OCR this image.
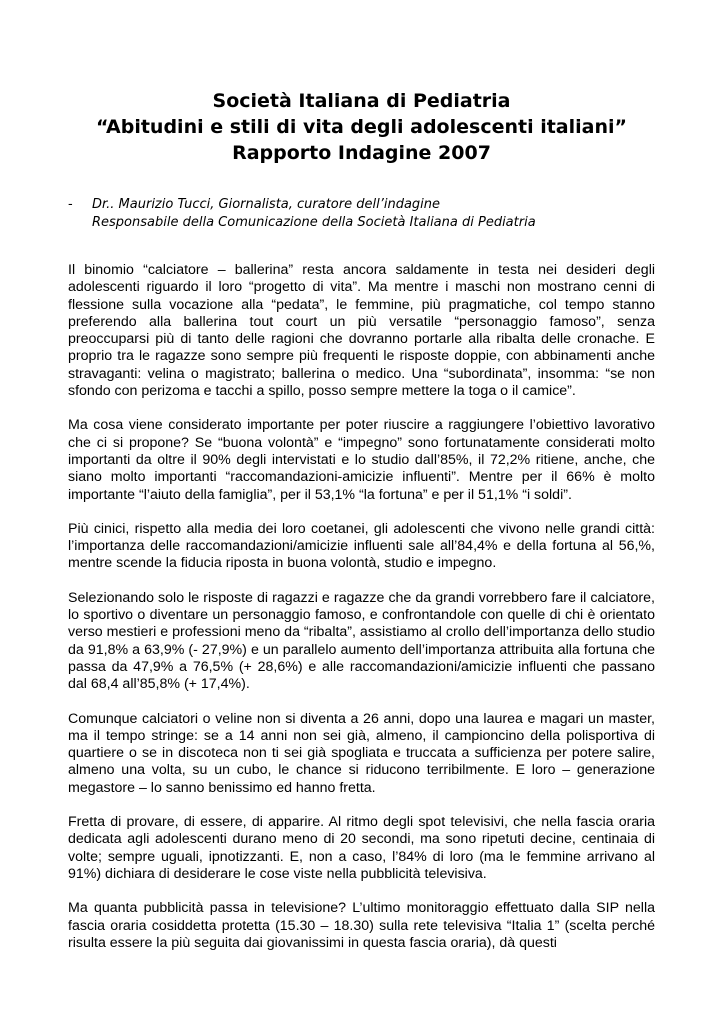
Società Italiana di Pediatria

“Abitudini e stili di vita degli adolescenti italiani”

Rapporto Indagine 2007

- Dr.. Maurizio Tucci, Giornalista, curatore dell’indagine
Responsabile della Comunicazione della Società Italiana di Pediatria

Il binomio “calciatore – ballerina” resta ancora saldamente in testa nei desideri degli adolescenti riguardo il loro “progetto di vita”. Ma mentre i maschi non mostrano cenni di flessione sulla vocazione alla “pedata”, le femmine, più pragmatiche, col tempo stanno preferendo alla ballerina tout court un più versatile “personaggio famoso”, senza preoccuparsi più di tanto delle ragioni che dovranno portarle alla ribalta delle cronache. E proprio tra le ragazze sono sempre più frequenti le risposte doppie, con abbinamenti anche stravaganti: velina o magistrato; ballerina o medico. Una “subordinata”, insomma: “se non sfondo con perizoma e tacchi a spillo, posso sempre mettere la toga o il camice”.

Ma cosa viene considerato importante per poter riuscire a raggiungere l’obiettivo lavorativo che ci si propone? Se “buona volontà” e “impegno” sono fortunatamente considerati molto importanti da oltre il 90% degli intervistati e lo studio dall’85%, il 72,2% ritiene, anche, che siano molto importanti “raccomandazioni-amicizie influenti”. Mentre per il 66% è molto importante “l’aiuto della famiglia”, per il 53,1% “la fortuna” e per il 51,1% “i soldi”.

Più cinici, rispetto alla media dei loro coetanei, gli adolescenti che vivono nelle grandi città: l’importanza delle raccomandazioni/amicizie influenti sale all’84,4% e della fortuna al 56,%, mentre scende la fiducia riposta in buona volontà, studio e impegno.

Selezionando solo le risposte di ragazzi e ragazze che da grandi vorrebbero fare il calciatore, lo sportivo o diventare un personaggio famoso, e confrontandole con quelle di chi è orientato verso mestieri e professioni meno da “ribalta”, assistiamo al crollo dell’importanza dello studio da 91,8% a 63,9% (- 27,9%) e un parallelo aumento dell’importanza attribuita alla fortuna che passa da 47,9% a 76,5% (+ 28,6%) e alle raccomandazioni/amicizie influenti che passano dal 68,4 all’85,8% (+ 17,4%).

Comunque calciatori o veline non si diventa a 26 anni, dopo una laurea e magari un master, ma il tempo stringe: se a 14 anni non sei già, almeno, il campioncino della polisportiva di quartiere o se in discoteca non ti sei già spogliata e truccata a sufficienza per potere salire, almeno una volta, su un cubo, le chance si riducono terribilmente. E loro – generazione megastore – lo sanno benissimo ed hanno fretta.

Fretta di provare, di essere, di apparire. Al ritmo degli spot televisivi, che nella fascia oraria dedicata agli adolescenti durano meno di 20 secondi, ma sono ripetuti decine, centinaia di volte; sempre uguali, ipnotizzanti. E, non a caso, l’84% di loro (ma le femmine arrivano al 91%) dichiara di desiderare le cose viste nella pubblicità televisiva.

Ma quanta pubblicità passa in televisione? L’ultimo monitoraggio effettuato dalla SIP nella fascia oraria cosiddetta protetta (15.30 – 18.30) sulla rete televisiva “Italia 1” (scelta perché risulta essere la più seguita dai giovanissimi in questa fascia oraria), dà questi
